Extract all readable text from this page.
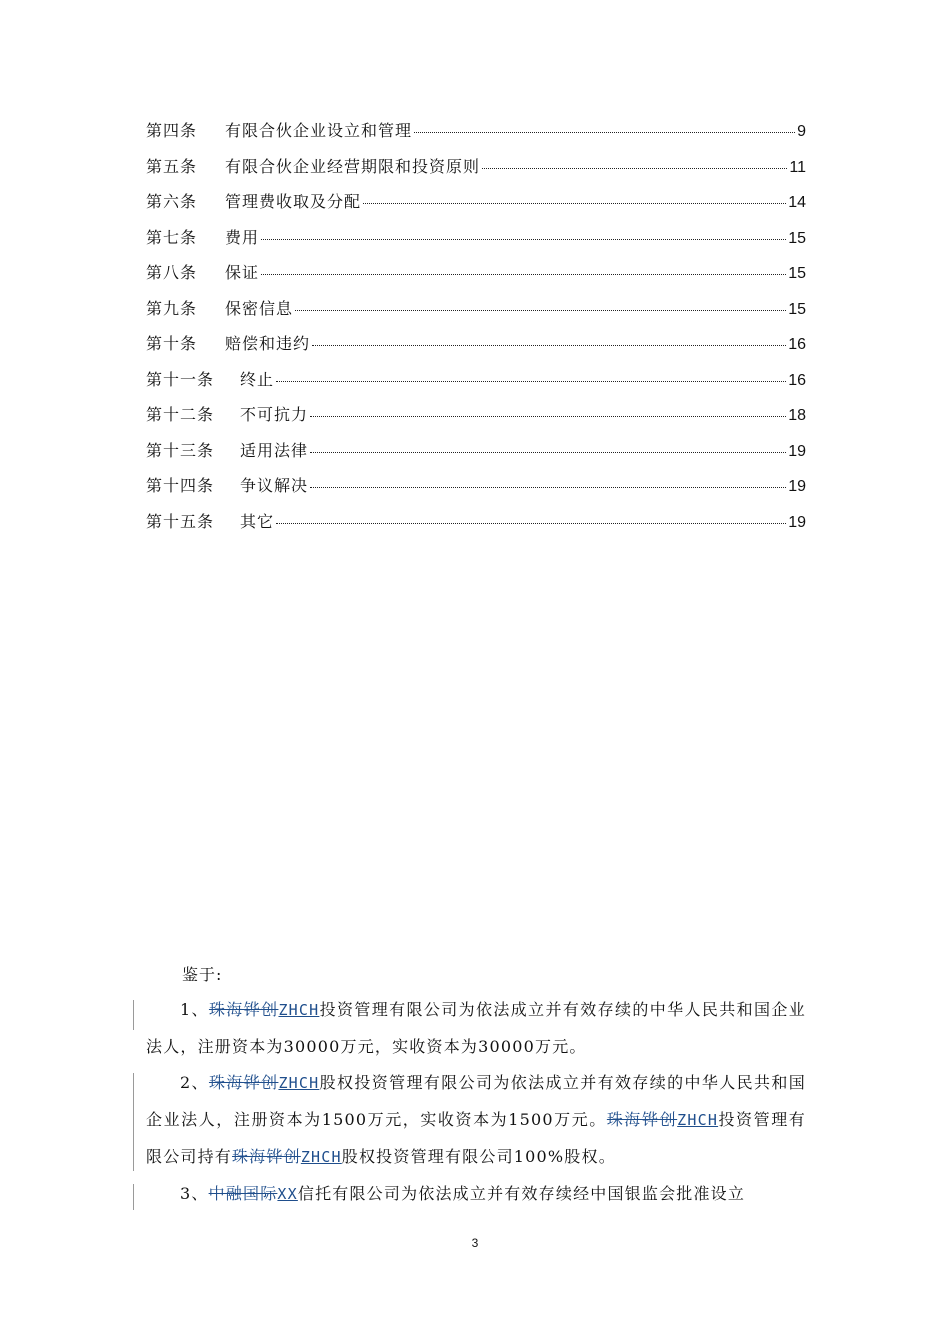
第四条 有限合伙企业设立和管理	9
第五条 有限合伙企业经营期限和投资原则	11
第六条 管理费收取及分配	14
第七条 费用	15
第八条 保证	15
第九条 保密信息	15
第十条 赔偿和违约	16
第十一条 终止	16
第十二条 不可抗力	18
第十三条 适用法律	19
第十四条 争议解决	19
第十五条 其它	19
鉴于:
1、珠海铧创ZHCH投资管理有限公司为依法成立并有效存续的中华人民共和国企业法人，注册资本为30000万元，实收资本为30000万元。
2、珠海铧创ZHCH股权投资管理有限公司为依法成立并有效存续的中华人民共和国企业法人，注册资本为1500万元，实收资本为1500万元。珠海铧创ZHCH投资管理有限公司持有珠海铧创ZHCH股权投资管理有限公司100%股权。
3、中融国际XX信托有限公司为依法成立并有效存续经中国银监会批准设立
3
